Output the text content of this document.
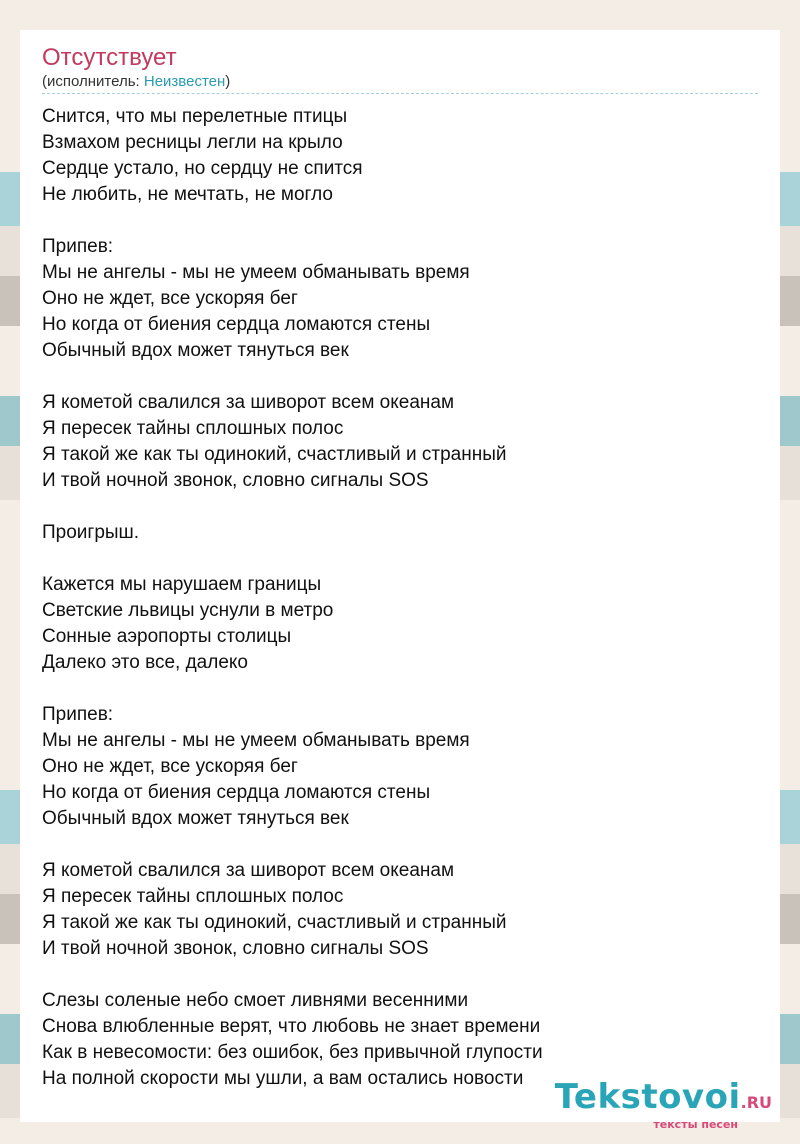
Отсутствует
(исполнитель: Неизвестен)
Снится, что мы перелетные птицы
Взмахом ресницы легли на крыло
Сердце устало, но сердцу не спится
Не любить, не мечтать, не могло

Припев:
Мы не ангелы - мы не умеем обманывать время
Оно не ждет, все ускоряя бег
Но когда от биения сердца ломаются стены
Обычный вдох может тянуться век

Я кометой свалился за шиворот всем океанам
Я пересек тайны сплошных полос
Я такой же как ты одинокий, счастливый и странный
И твой ночной звонок, словно сигналы SOS

Проигрыш.

Кажется мы нарушаем границы
Светские львицы уснули в метро
Сонные аэропорты столицы
Далеко это все, далеко

Припев:
Мы не ангелы - мы не умеем обманывать время
Оно не ждет, все ускоряя бег
Но когда от биения сердца ломаются стены
Обычный вдох может тянуться век

Я кометой свалился за шиворот всем океанам
Я пересек тайны сплошных полос
Я такой же как ты одинокий, счастливый и странный
И твой ночной звонок, словно сигналы SOS

Слезы соленые небо смоет ливнями весенними
Снова влюбленные верят, что любовь не знает времени
Как в невесомости: без ошибок, без привычной глупости
На полной скорости мы ушли, а вам остались новости Tekstovoi.RU
тексты песен
